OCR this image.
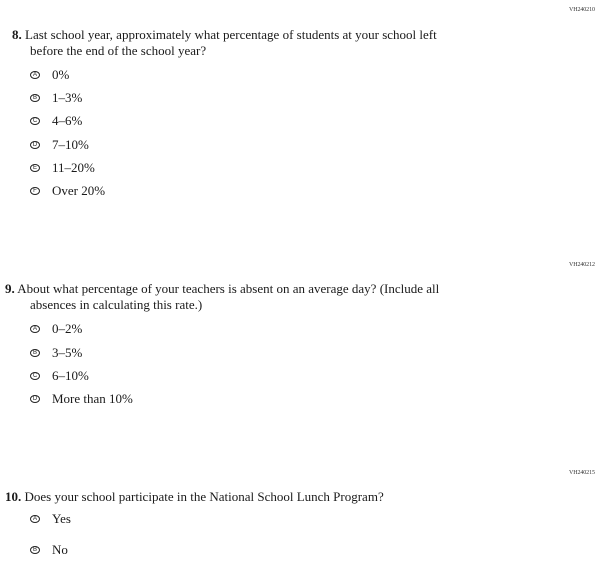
VH240210
8. Last school year, approximately what percentage of students at your school left
before the end of the school year?
A 0%
B 1–3%
C 4–6%
D 7–10%
E 11–20%
F Over 20%
VH240212
9. About what percentage of your teachers is absent on an average day? (Include all
absences in calculating this rate.)
A 0–2%
B 3–5%
C 6–10%
D More than 10%
VH240215
10. Does your school participate in the National School Lunch Program?
A Yes
B No
